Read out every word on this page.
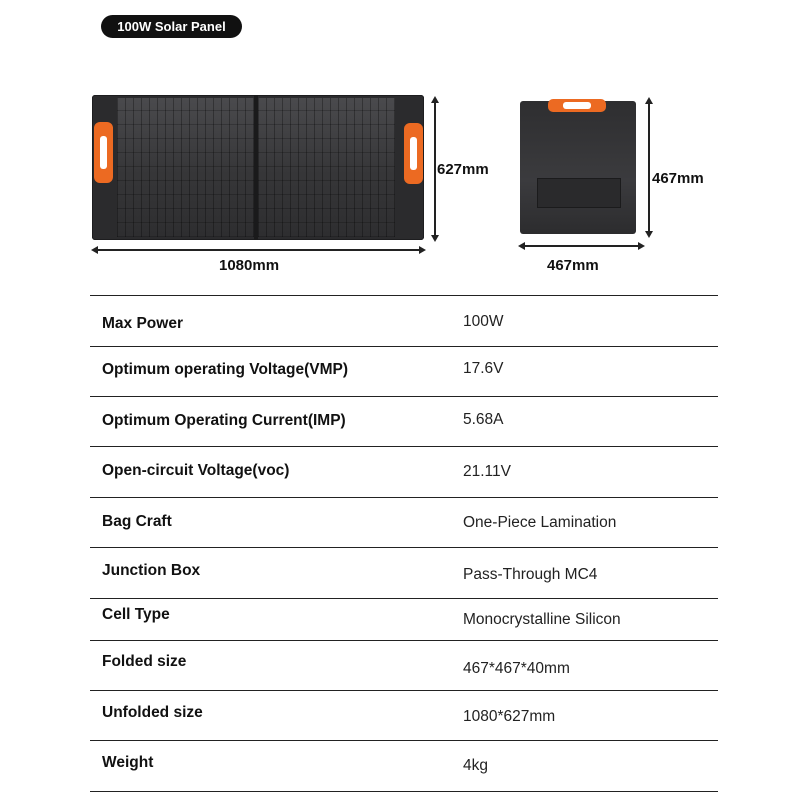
100W Solar Panel
627mm
1080mm
467mm
467mm
Max Power	100W
Optimum operating Voltage(VMP)	17.6V
Optimum Operating Current(IMP)	5.68A
Open-circuit Voltage(voc)	21.11V
Bag Craft	One-Piece Lamination
Junction Box	Pass-Through MC4
Cell Type	Monocrystalline Silicon
Folded size	467*467*40mm
Unfolded size	1080*627mm
Weight	4kg
